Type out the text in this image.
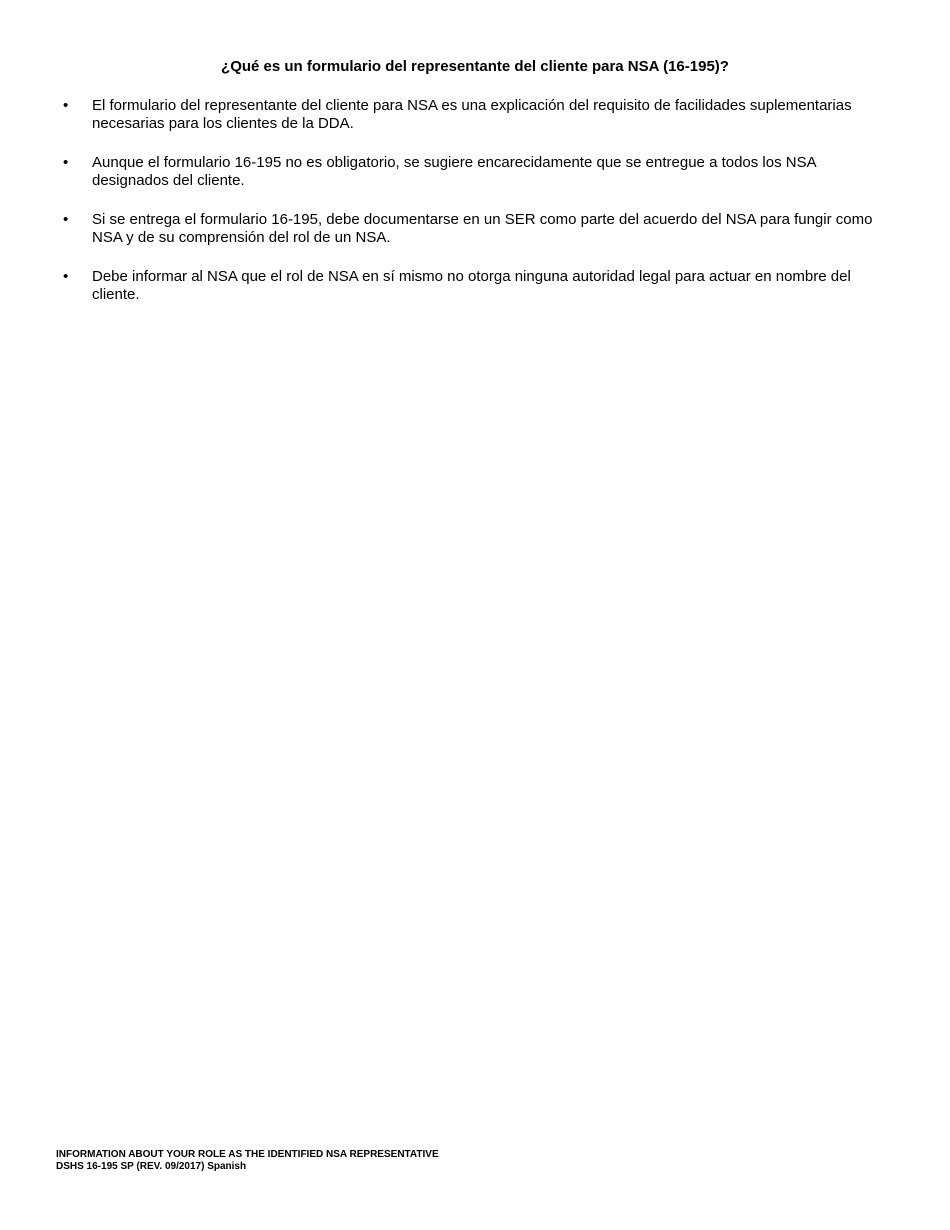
¿Qué es un formulario del representante del cliente para NSA (16-195)?
• El formulario del representante del cliente para NSA es una explicación del requisito de facilidades suplementarias necesarias para los clientes de la DDA.
• Aunque el formulario 16-195 no es obligatorio, se sugiere encarecidamente que se entregue a todos los NSA designados del cliente.
• Si se entrega el formulario 16-195, debe documentarse en un SER como parte del acuerdo del NSA para fungir como NSA y de su comprensión del rol de un NSA.
• Debe informar al NSA que el rol de NSA en sí mismo no otorga ninguna autoridad legal para actuar en nombre del cliente.
INFORMATION ABOUT YOUR ROLE AS THE IDENTIFIED NSA REPRESENTATIVE
DSHS 16-195 SP (REV. 09/2017) Spanish
